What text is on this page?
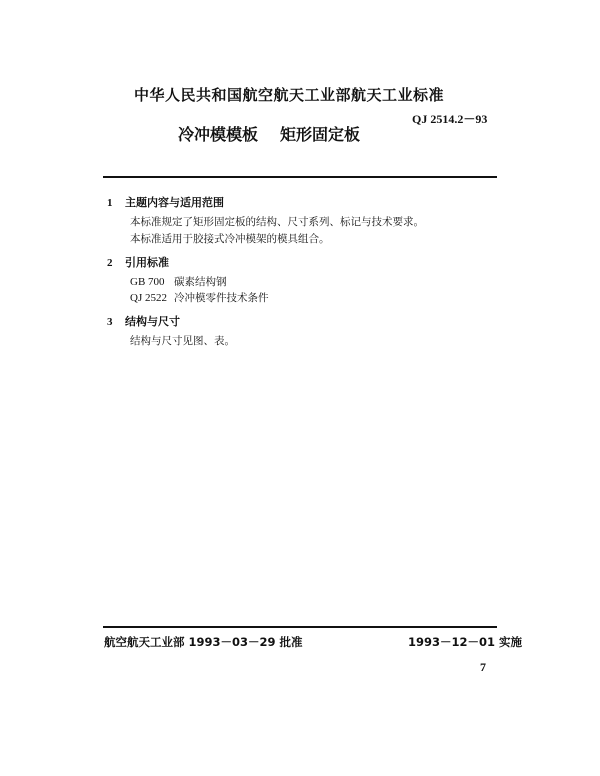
中华人民共和国航空航天工业部航天工业标准
QJ 2514.2－93
冷冲模模板 矩形固定板
1 主题内容与适用范围
本标准规定了矩形固定板的结构、尺寸系列、标记与技术要求。
本标准适用于胶接式冷冲模架的模具组合。
2 引用标准
GB 700 碳素结构钢
QJ 2522 冷冲模零件技术条件
3 结构与尺寸
结构与尺寸见图、表。
航空航天工业部 1993－03－29 批准	1993－12－01 实施
7
